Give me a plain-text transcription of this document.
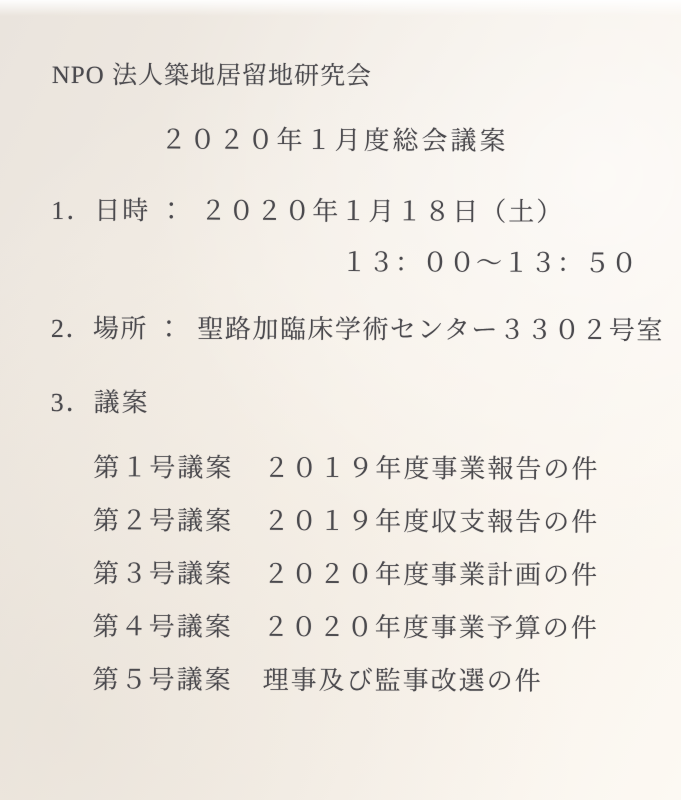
NPO 法人築地居留地研究会
２０２０年１月度総会議案
1．日時 ： ２０２０年１月１８日（土）
１３：００～１３：５０
2．場所 ： 聖路加臨床学術センター３３０２号室
3．議案
第１号議案 ２０１９年度事業報告の件
第２号議案 ２０１９年度収支報告の件
第３号議案 ２０２０年度事業計画の件
第４号議案 ２０２０年度事業予算の件
第５号議案 理事及び監事改選の件
